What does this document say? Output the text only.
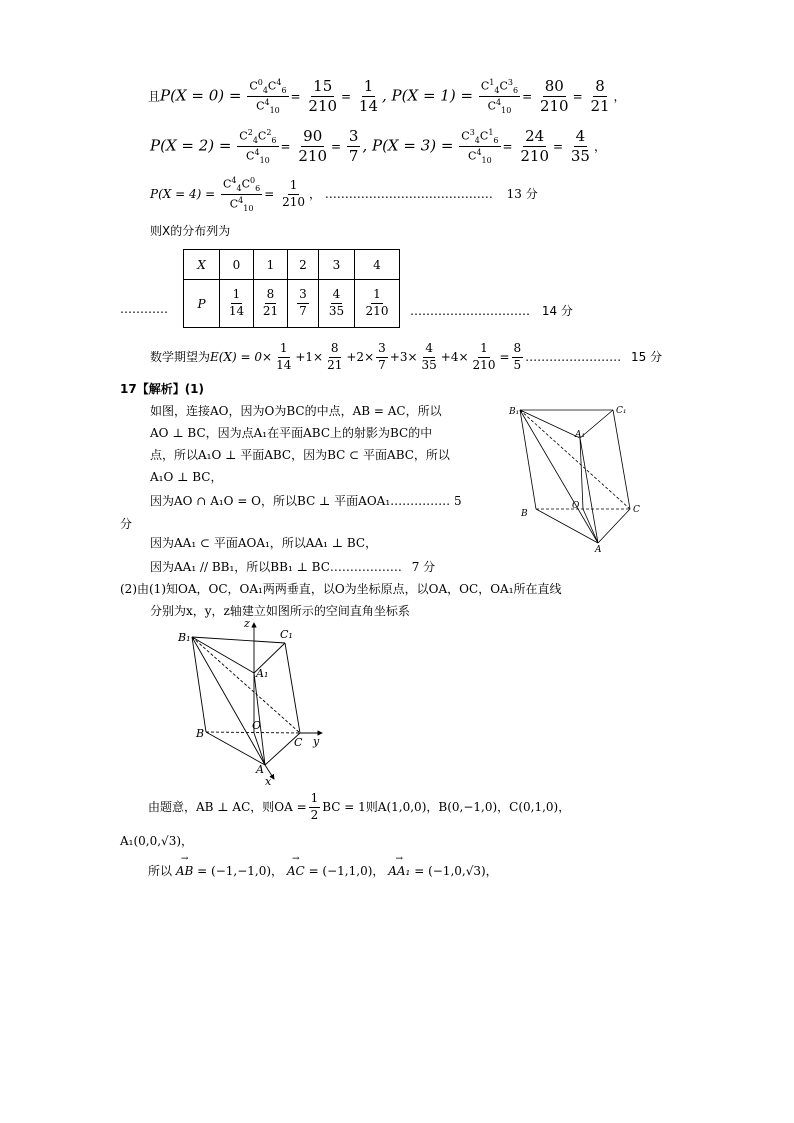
且$P(X = 0) = \frac{C^0_4C^4_6}{C^4_{10}} = \frac{15}{210} = \frac{1}{14}$ , $P(X = 1) = \frac{C^1_4C^3_6}{C^4_{10}} = \frac{80}{210} = \frac{8}{21}$ ，
$P(X = 2) = \frac{C^2_4C^2_6}{C^4_{10}} = \frac{90}{210} = \frac{3}{7}$ , $P(X = 3) = \frac{C^3_4C^1_6}{C^4_{10}} = \frac{24}{210} = \frac{4}{35}$ ，
$P(X = 4) = \frac{C^4_4C^0_6}{C^4_{10}} = \frac{1}{210}$ ， …………………………………… 13 分
则X的分布列为
…………
X	0	1	2	3	4
P	$\frac{1}{14}$	$\frac{8}{21}$	$\frac{3}{7}$	$\frac{4}{35}$	$\frac{1}{210}$ ………………………… 14 分
数学期望为$E(X) = 0\times \frac{1}{14} +1\times \frac{8}{21} +2\times \frac{3}{7} +3\times \frac{4}{35} +4\times \frac{1}{210} = \frac{8}{5}$ …………………… 15 分
17【解析】(1)
如图，连接AO，因为O为BC的中点，AB = AC，所以
AO ⊥ BC，因为点A₁在平面ABC上的射影为BC的中
点，所以A₁O ⊥ 平面ABC，因为BC ⊂ 平面ABC，所以
A₁O ⊥ BC，
因为AO ∩ A₁O = O，所以BC ⊥ 平面AOA₁…………… 5
分
因为AA₁ ⊂ 平面AOA₁，所以AA₁ ⊥ BC，
因为AA₁ // BB₁，所以BB₁ ⊥ BC……………… 7 分
B₁	C₁
A₁
B
O	C
A
(2)由(1)知OA，OC，OA₁两两垂直，以O为坐标原点，以OA，OC，OA₁所在直线
分别为x，y，z轴建立如图所示的空间直角坐标系
B₁	C₁
A₁
B
O
C
A
z
y
x
由题意，AB ⊥ AC，则OA = $\frac{1}{2}$ BC = 1则A(1,0,0)，B(0,−1,0)，C(0,1,0)，
A₁(0,0,√3)，
所以 → AB = (−1,−1,0)， → AC = (−1,1,0)， → AA₁ = (−1,0,√3)，
